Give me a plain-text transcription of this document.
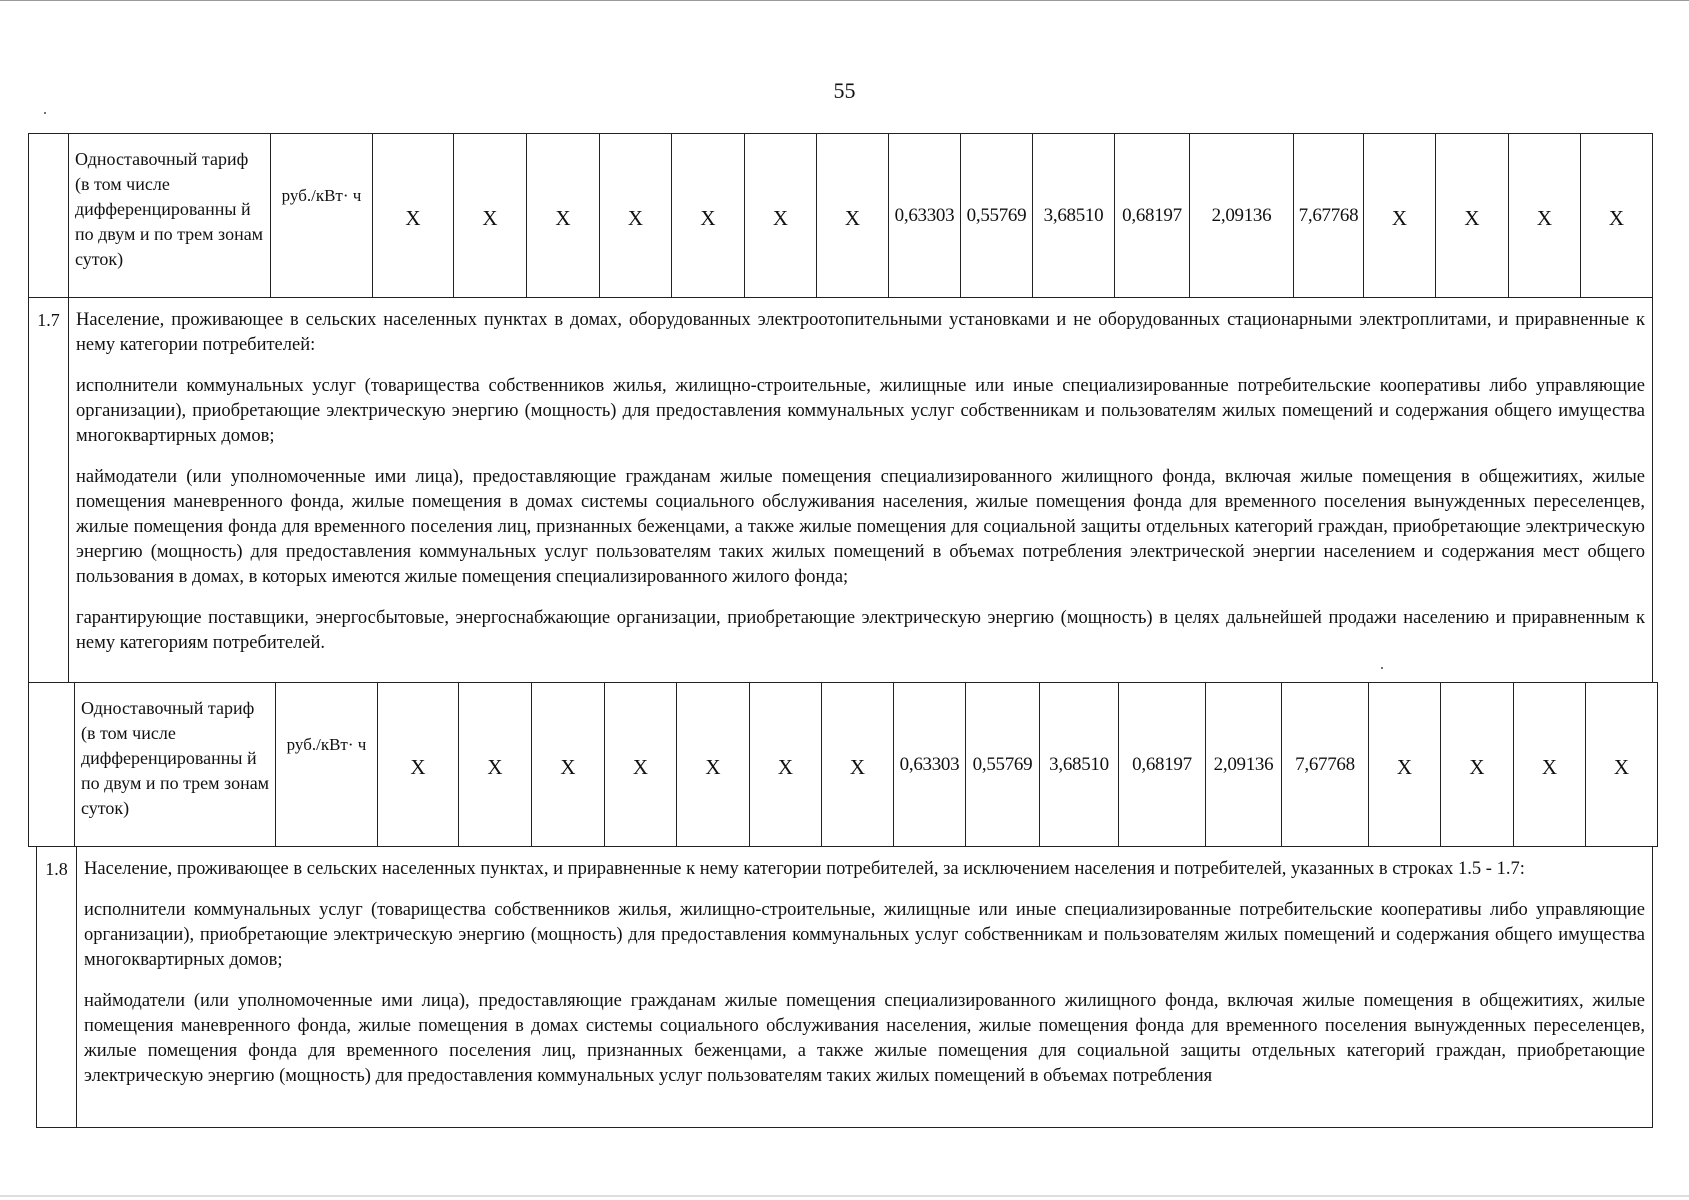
55
	Одноставочный тариф (в том числе дифференцированны й по двум и по трем зонам суток)	руб./кВт· ч	X	X	X	X	X	X	X	0,63303	0,55769	3,68510	0,68197	2,09136	7,67768	X	X	X	X
1.7	Население, проживающее в сельских населенных пунктах в домах, оборудованных электроотопительными установками и не оборудованных стационарными электроплитами, и приравненные к нему категории потребителей:

исполнители коммунальных услуг (товарищества собственников жилья, жилищно-строительные, жилищные или иные специализированные потребительские кооперативы либо управляющие организации), приобретающие электрическую энергию (мощность) для предоставления коммунальных услуг собственникам и пользователям жилых помещений и содержания общего имущества многоквартирных домов;

наймодатели (или уполномоченные ими лица), предоставляющие гражданам жилые помещения специализированного жилищного фонда, включая жилые помещения в общежитиях, жилые помещения маневренного фонда, жилые помещения в домах системы социального обслуживания населения, жилые помещения фонда для временного поселения вынужденных переселенцев, жилые помещения фонда для временного поселения лиц, признанных беженцами, а также жилые помещения для социальной защиты отдельных категорий граждан, приобретающие электрическую энергию (мощность) для предоставления коммунальных услуг пользователям таких жилых помещений в объемах потребления электрической энергии населением и содержания мест общего пользования в домах, в которых имеются жилые помещения специализированного жилого фонда;

гарантирующие поставщики, энергосбытовые, энергоснабжающие организации, приобретающие электрическую энергию (мощность) в целях дальнейшей продажи населению и приравненным к нему категориям потребителей.

	Одноставочный тариф (в том числе дифференцированны й по двум и по трем зонам суток)	руб./кВт· ч	X	X	X	X	X	X	X	0,63303	0,55769	3,68510	0,68197	2,09136	7,67768	X	X	X	X
1.8	Население, проживающее в сельских населенных пунктах, и приравненные к нему категории потребителей, за исключением населения и потребителей, указанных в строках 1.5 - 1.7:

исполнители коммунальных услуг (товарищества собственников жилья, жилищно-строительные, жилищные или иные специализированные потребительские кооперативы либо управляющие организации), приобретающие электрическую энергию (мощность) для предоставления коммунальных услуг собственникам и пользователям жилых помещений и содержания общего имущества многоквартирных домов;

наймодатели (или уполномоченные ими лица), предоставляющие гражданам жилые помещения специализированного жилищного фонда, включая жилые помещения в общежитиях, жилые помещения маневренного фонда, жилые помещения в домах системы социального обслуживания населения, жилые помещения фонда для временного поселения вынужденных переселенцев, жилые помещения фонда для временного поселения лиц, признанных беженцами, а также жилые помещения для социальной защиты отдельных категорий граждан, приобретающие электрическую энергию (мощность) для предоставления коммунальных услуг пользователям таких жилых помещений в объемах потребления
